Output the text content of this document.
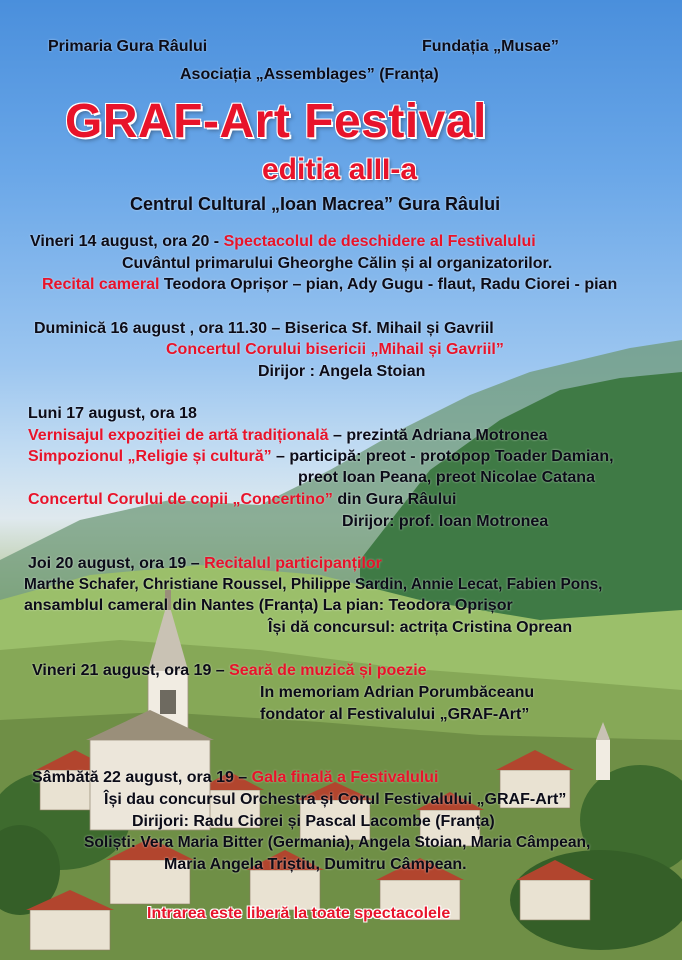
Primaria Gura Râului	Fundația „Musae”
Asociația „Assemblages” (Franța)
GRAF-Art Festival
editia aIII-a
Centrul Cultural „Ioan Macrea” Gura Râului
Vineri 14 august, ora 20 - Spectacolul de deschidere al Festivalului
Cuvântul primarului Gheorghe Călin și al organizatorilor.
Recital cameral Teodora Oprișor – pian, Ady Gugu - flaut, Radu Ciorei - pian
Duminică 16 august , ora 11.30 – Biserica Sf. Mihail și Gavriil
Concertul Corului bisericii „Mihail și Gavriil”
Dirijor : Angela Stoian
Luni 17 august, ora 18
Vernisajul expoziției de artă tradițională – prezintă Adriana Motronea
Simpozionul „Religie și cultură” – participă: preot - protopop Toader Damian,
preot Ioan Peana, preot Nicolae Catana
Concertul Corului de copii „Concertino” din Gura Râului
Dirijor: prof. Ioan Motronea
Joi 20 august, ora 19 – Recitalul participanților
Marthe Schafer, Christiane Roussel, Philippe Sardin, Annie Lecat, Fabien Pons,
ansamblul cameral din Nantes (Franța) La pian: Teodora Oprișor
Își dă concursul: actrița Cristina Oprean
Vineri 21 august, ora 19 – Seară de muzică și poezie
In memoriam Adrian Porumbăceanu
fondator al Festivalului „GRAF-Art”
Sâmbătă 22 august, ora 19 – Gala finală a Festivalului
Își dau concursul Orchestra și Corul Festivalului „GRAF-Art”
Dirijori: Radu Ciorei și Pascal Lacombe (Franța)
Soliști: Vera Maria Bitter (Germania), Angela Stoian, Maria Câmpean,
Maria Angela Triștiu, Dumitru Câmpean.
Intrarea este liberă la toate spectacolele
